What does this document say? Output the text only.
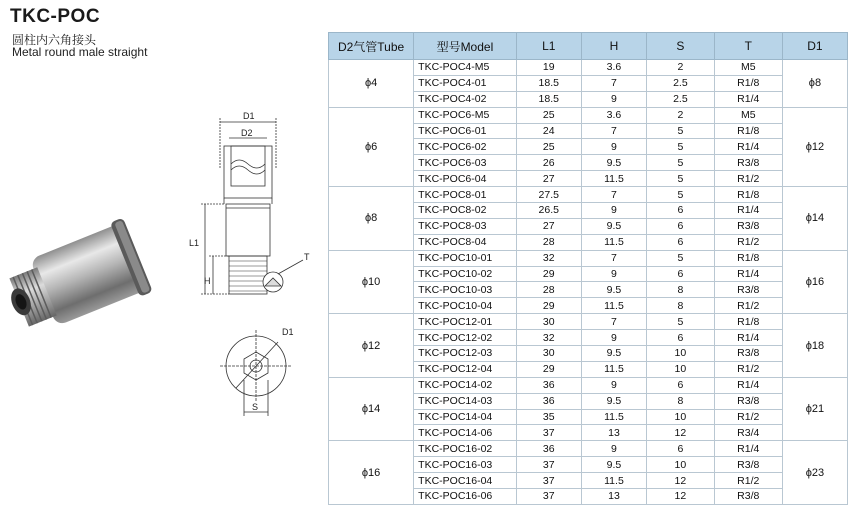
TKC-POC
圆柱内六角接头
Metal round male straight
D1
D2
L1
H
T
D1
S
D2气管Tube	型号Model	L1	H	S	T	D1
ϕ4	TKC-POC4-M5	19	3.6	2	M5	ϕ8
	TKC-POC4-01	18.5	7	2.5	R1/8	
	TKC-POC4-02	18.5	9	2.5	R1/4	
ϕ6	TKC-POC6-M5	25	3.6	2	M5	ϕ12
	TKC-POC6-01	24	7	5	R1/8	
	TKC-POC6-02	25	9	5	R1/4	
	TKC-POC6-03	26	9.5	5	R3/8	
	TKC-POC6-04	27	11.5	5	R1/2	
ϕ8	TKC-POC8-01	27.5	7	5	R1/8	ϕ14
	TKC-POC8-02	26.5	9	6	R1/4	
	TKC-POC8-03	27	9.5	6	R3/8	
	TKC-POC8-04	28	11.5	6	R1/2	
ϕ10	TKC-POC10-01	32	7	5	R1/8	ϕ16
	TKC-POC10-02	29	9	6	R1/4	
	TKC-POC10-03	28	9.5	8	R3/8	
	TKC-POC10-04	29	11.5	8	R1/2	
ϕ12	TKC-POC12-01	30	7	5	R1/8	ϕ18
	TKC-POC12-02	32	9	6	R1/4	
	TKC-POC12-03	30	9.5	10	R3/8	
	TKC-POC12-04	29	11.5	10	R1/2	
ϕ14	TKC-POC14-02	36	9	6	R1/4	ϕ21
	TKC-POC14-03	36	9.5	8	R3/8	
	TKC-POC14-04	35	11.5	10	R1/2	
	TKC-POC14-06	37	13	12	R3/4	
ϕ16	TKC-POC16-02	36	9	6	R1/4	ϕ23
	TKC-POC16-03	37	9.5	10	R3/8	
	TKC-POC16-04	37	11.5	12	R1/2	
	TKC-POC16-06	37	13	12	R3/8	
